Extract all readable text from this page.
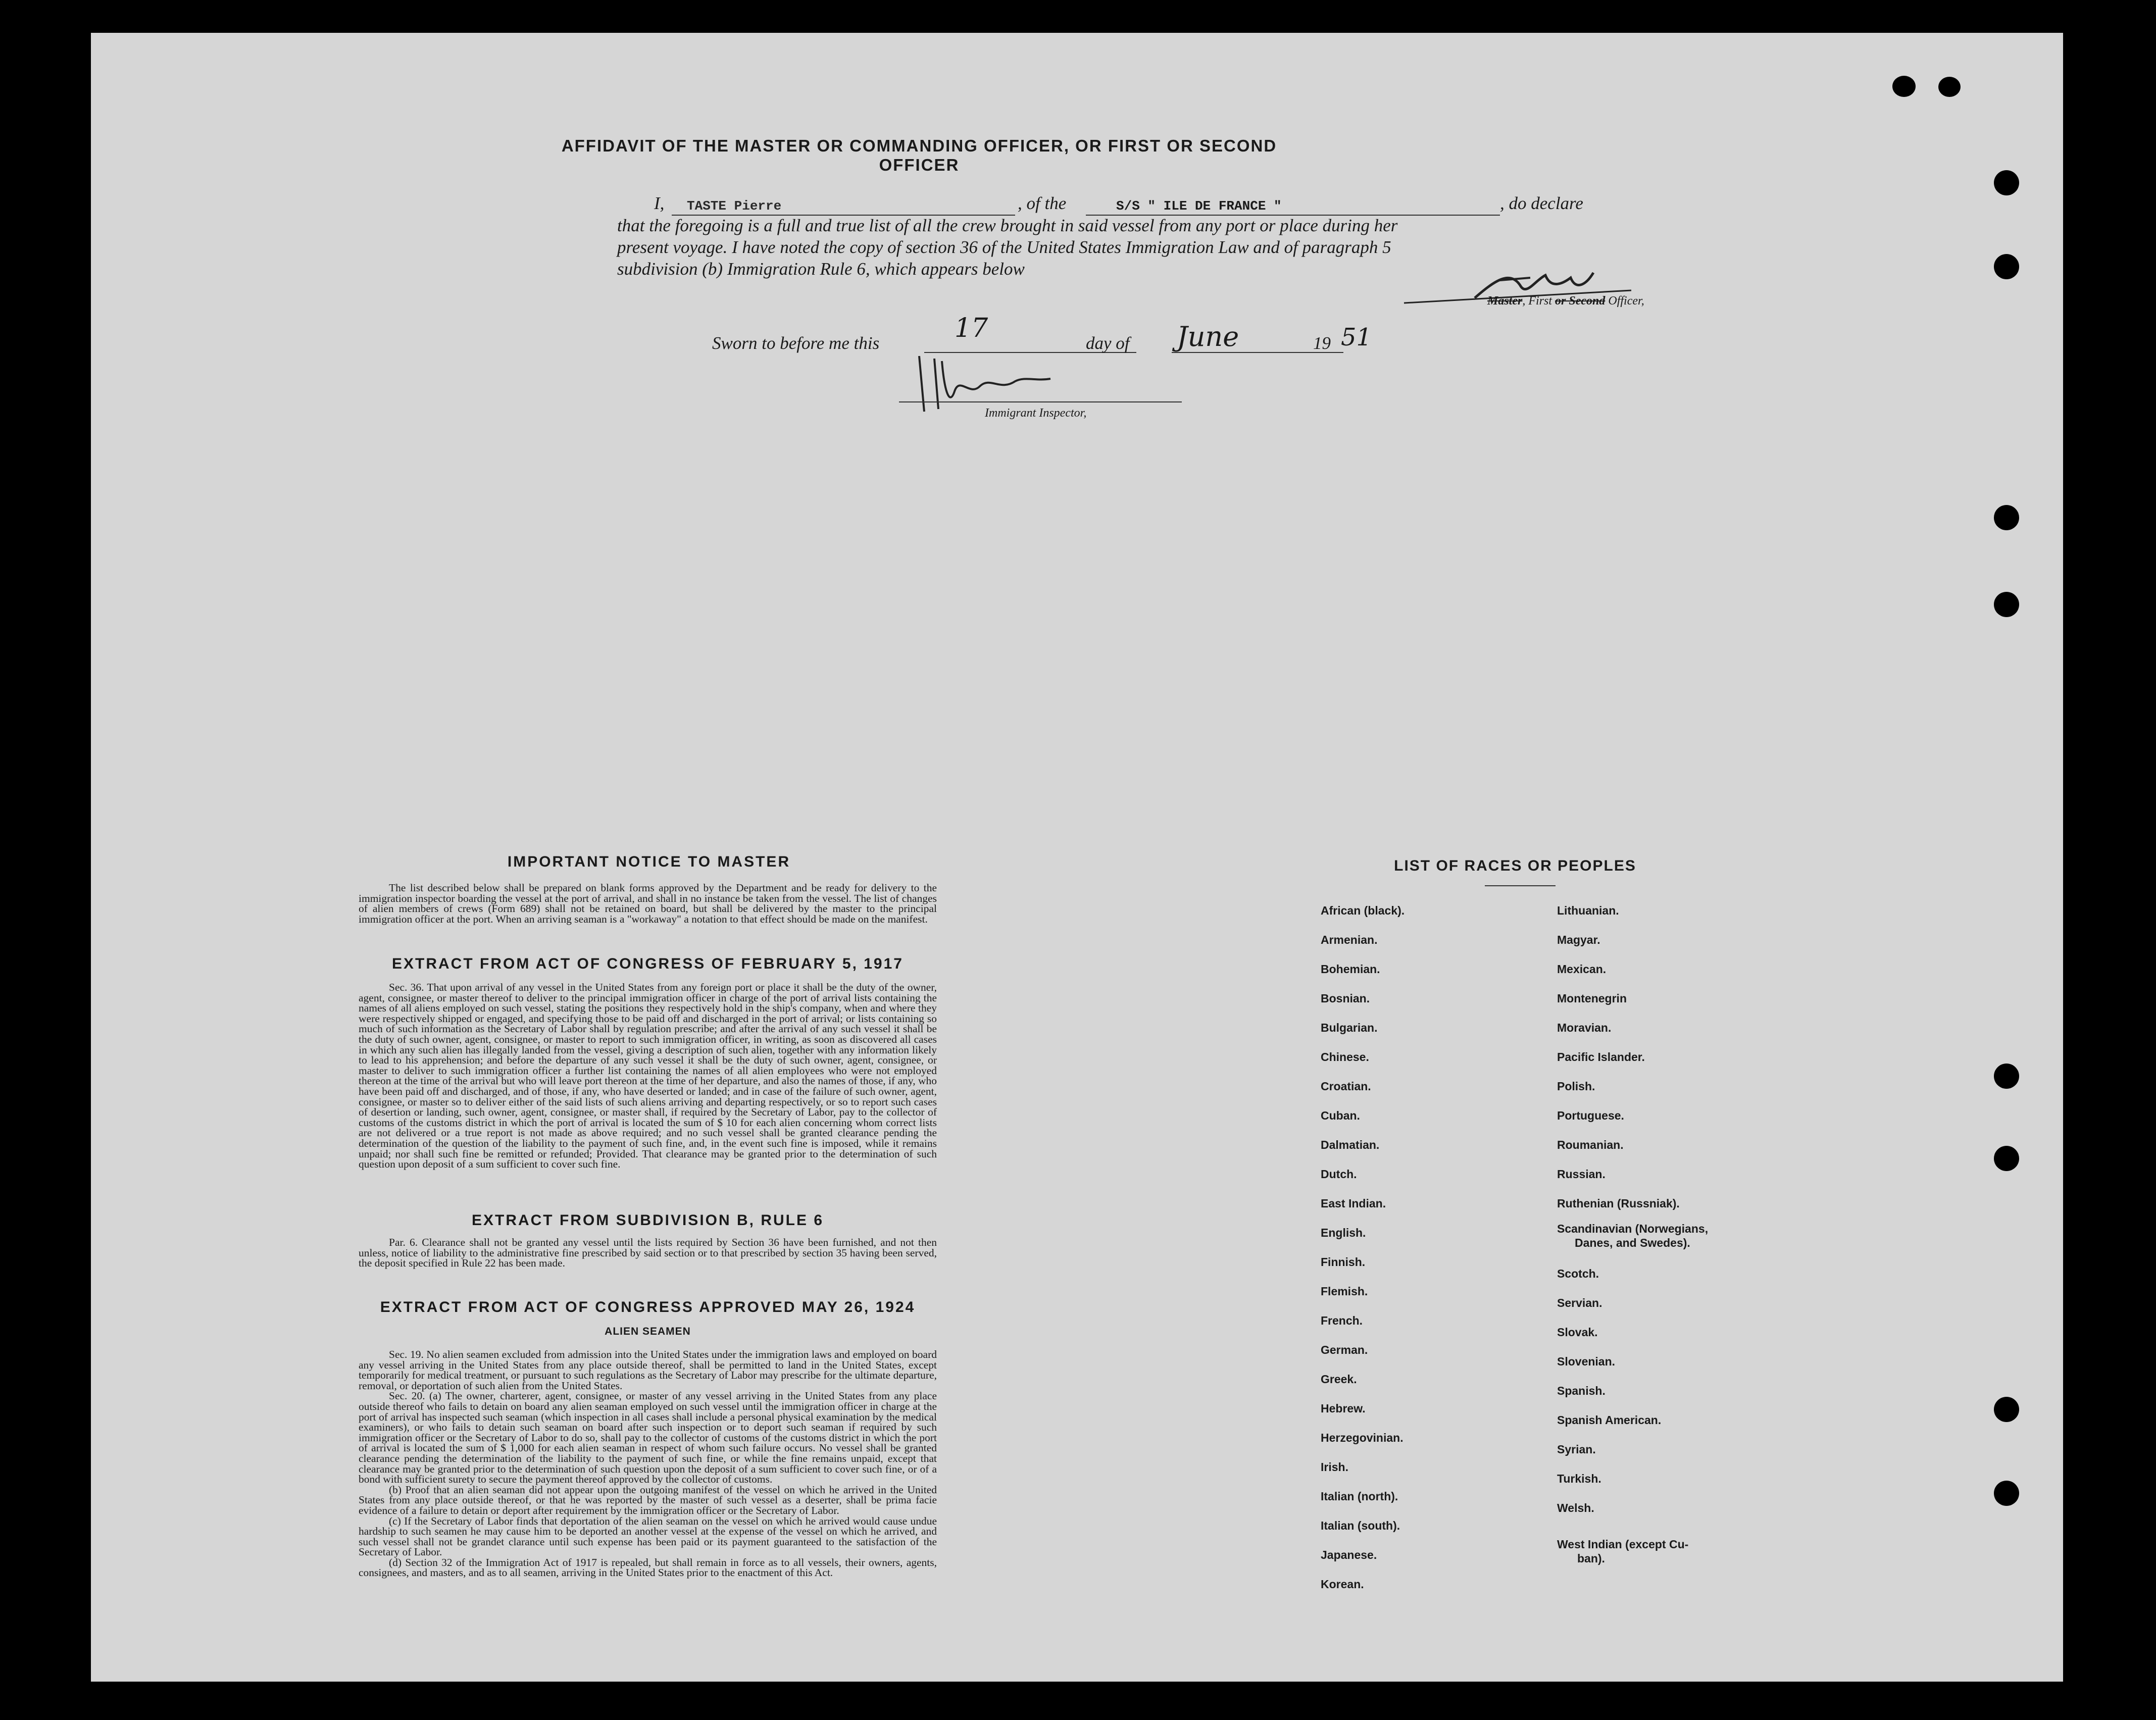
AFFIDAVIT OF THE MASTER OR COMMANDING OFFICER, OR FIRST OR SECOND OFFICER
I, TASTE Pierre	, of the	S/S " ILE DE FRANCE "	, do declare
that the foregoing is a full and true list of all the crew brought in said vessel from any port or place during her
present voyage. I have noted the copy of section 36 of the United States Immigration Law and of paragraph 5
subdivision (b) Immigration Rule 6, which appears below
Master, First or Second Officer,
Sworn to before me this	17	day of June	19 51
Immigrant Inspector,
IMPORTANT NOTICE TO MASTER

The list described below shall be prepared on blank forms approved by the Department and be ready for delivery to the immigration inspector boarding the vessel at the port of arrival, and shall in no instance be taken from the vessel. The list of changes of alien members of crews (Form 689) shall not be retained on board, but shall be delivered by the master to the principal immigration officer at the port. When an arriving seaman is a "workaway" a notation to that effect should be made on the manifest.

EXTRACT FROM ACT OF CONGRESS OF FEBRUARY 5, 1917

Sec. 36. That upon arrival of any vessel in the United States from any foreign port or place it shall be the duty of the owner, agent, consignee, or master thereof to deliver to the principal immigration officer in charge of the port of arrival lists containing the names of all aliens employed on such vessel, stating the positions they respectively hold in the ship's company, when and where they were respectively shipped or engaged, and specifying those to be paid off and discharged in the port of arrival; or lists containing so much of such information as the Secretary of Labor shall by regulation prescribe; and after the arrival of any such vessel it shall be the duty of such owner, agent, consignee, or master to report to such immigration officer, in writing, as soon as discovered all cases in which any such alien has illegally landed from the vessel, giving a description of such alien, together with any information likely to lead to his apprehension; and before the departure of any such vessel it shall be the duty of such owner, agent, consignee, or master to deliver to such immigration officer a further list containing the names of all alien employees who were not employed thereon at the time of the arrival but who will leave port thereon at the time of her departure, and also the names of those, if any, who have been paid off and discharged, and of those, if any, who have deserted or landed; and in case of the failure of such owner, agent, consignee, or master so to deliver either of the said lists of such aliens arriving and departing respectively, or so to report such cases of desertion or landing, such owner, agent, consignee, or master shall, if required by the Secretary of Labor, pay to the collector of customs of the customs district in which the port of arrival is located the sum of $ 10 for each alien concerning whom correct lists are not delivered or a true report is not made as above required; and no such vessel shall be granted clearance pending the determination of the question of the liability to the payment of such fine, and, in the event such fine is imposed, while it remains unpaid; nor shall such fine be remitted or refunded; Provided. That clearance may be granted prior to the determination of such question upon deposit of a sum sufficient to cover such fine.

EXTRACT FROM SUBDIVISION B, RULE 6

Par. 6. Clearance shall not be granted any vessel until the lists required by Section 36 have been furnished, and not then unless, notice of liability to the administrative fine prescribed by said section or to that prescribed by section 35 having been served, the deposit specified in Rule 22 has been made.

EXTRACT FROM ACT OF CONGRESS APPROVED MAY 26, 1924
ALIEN SEAMEN

Sec. 19. No alien seamen excluded from admission into the United States under the immigration laws and employed on board any vessel arriving in the United States from any place outside thereof, shall be permitted to land in the United States, except temporarily for medical treatment, or pursuant to such regulations as the Secretary of Labor may prescribe for the ultimate departure, removal, or deportation of such alien from the United States.

Sec. 20. (a) The owner, charterer, agent, consignee, or master of any vessel arriving in the United States from any place outside thereof who fails to detain on board any alien seaman employed on such vessel until the immigration officer in charge at the port of arrival has inspected such seaman (which inspection in all cases shall include a personal physical examination by the medical examiners), or who fails to detain such seaman on board after such inspection or to deport such seaman if required by such immigration officer or the Secretary of Labor to do so, shall pay to the collector of customs of the customs district in which the port of arrival is located the sum of $ 1,000 for each alien seaman in respect of whom such failure occurs. No vessel shall be granted clearance pending the determination of the liability to the payment of such fine, or while the fine remains unpaid, except that clearance may be granted prior to the determination of such question upon the deposit of a sum sufficient to cover such fine, or of a bond with sufficient surety to secure the payment thereof approved by the collector of customs.

(b) Proof that an alien seaman did not appear upon the outgoing manifest of the vessel on which he arrived in the United States from any place outside thereof, or that he was reported by the master of such vessel as a deserter, shall be prima facie evidence of a failure to detain or deport after requirement by the immigration officer or the Secretary of Labor.

(c) If the Secretary of Labor finds that deportation of the alien seaman on the vessel on which he arrived would cause undue hardship to such seamen he may cause him to be deported an another vessel at the expense of the vessel on which he arrived, and such vessel shall not be grandet clarance until such expense has been paid or its payment guaranteed to the satisfaction of the Secretary of Labor.

(d) Section 32 of the Immigration Act of 1917 is repealed, but shall remain in force as to all vessels, their owners, agents, consignees, and masters, and as to all seamen, arriving in the United States prior to the enactment of this Act.

LIST OF RACES OR PEOPLES
African (black).
Armenian.
Bohemian.
Bosnian.
Bulgarian.
Chinese.
Croatian.
Cuban.
Dalmatian.
Dutch.
East Indian.
English.
Finnish.
Flemish.
French.
German.
Greek.
Hebrew.
Herzegovinian.
Irish.
Italian (north).
Italian (south).
Japanese.
Korean.
Lithuanian.
Magyar.
Mexican.
Montenegrin
Moravian.
Pacific Islander.
Polish.
Portuguese.
Roumanian.
Russian.
Ruthenian (Russniak).
Scandinavian (Norwegians,
Danes, and Swedes).
Scotch.
Servian.
Slovak.
Slovenian.
Spanish.
Spanish American.
Syrian.
Turkish.
Welsh.
West Indian (except Cu-
ban).
